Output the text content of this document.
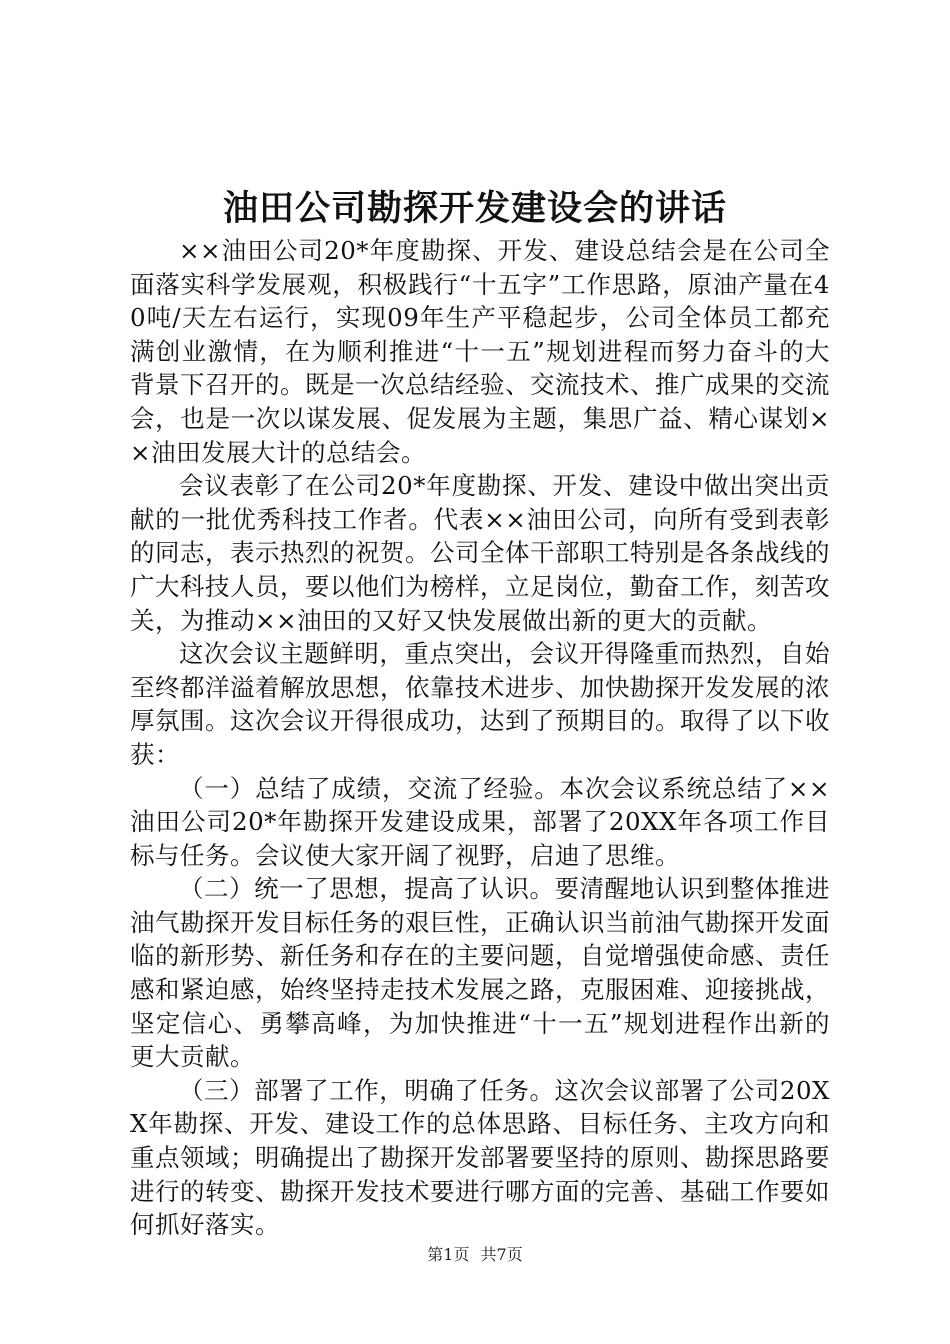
油田公司勘探开发建设会的讲话

××油田公司20*年度勘探、开发、建设总结会是在公司全面落实科学发展观，积极践行“十五字”工作思路，原油产量在40吨/天左右运行，实现09年生产平稳起步，公司全体员工都充满创业激情，在为顺利推进“十一五”规划进程而努力奋斗的大背景下召开的。既是一次总结经验、交流技术、推广成果的交流会，也是一次以谋发展、促发展为主题，集思广益、精心谋划××油田发展大计的总结会。

会议表彰了在公司20*年度勘探、开发、建设中做出突出贡献的一批优秀科技工作者。代表××油田公司，向所有受到表彰的同志，表示热烈的祝贺。公司全体干部职工特别是各条战线的广大科技人员，要以他们为榜样，立足岗位，勤奋工作，刻苦攻关，为推动××油田的又好又快发展做出新的更大的贡献。

这次会议主题鲜明，重点突出，会议开得隆重而热烈，自始至终都洋溢着解放思想，依靠技术进步、加快勘探开发发展的浓厚氛围。这次会议开得很成功，达到了预期目的。取得了以下收获：

（一）总结了成绩，交流了经验。本次会议系统总结了××油田公司20*年勘探开发建设成果，部署了20XX年各项工作目标与任务。会议使大家开阔了视野，启迪了思维。

（二）统一了思想，提高了认识。要清醒地认识到整体推进油气勘探开发目标任务的艰巨性，正确认识当前油气勘探开发面临的新形势、新任务和存在的主要问题，自觉增强使命感、责任感和紧迫感，始终坚持走技术发展之路，克服困难、迎接挑战，坚定信心、勇攀高峰，为加快推进“十一五”规划进程作出新的更大贡献。

（三）部署了工作，明确了任务。这次会议部署了公司20XX年勘探、开发、建设工作的总体思路、目标任务、主攻方向和重点领域；明确提出了勘探开发部署要坚持的原则、勘探思路要进行的转变、勘探开发技术要进行哪方面的完善、基础工作要如何抓好落实。

第1页 共7页
